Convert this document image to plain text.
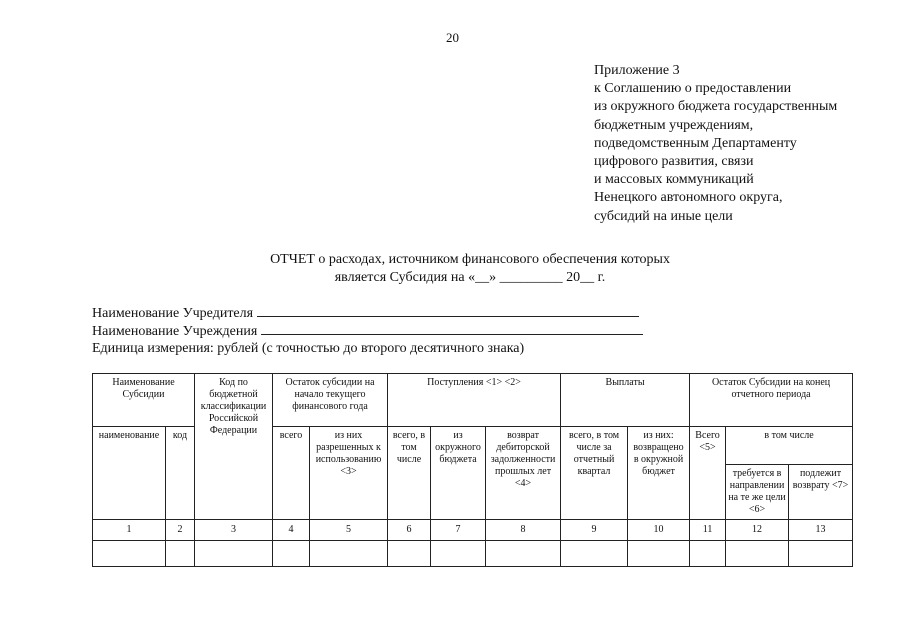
20
Приложение 3
к Соглашению о предоставлении
из окружного бюджета государственным
бюджетным учреждениям,
подведомственным Департаменту
цифрового развития, связи
и массовых коммуникаций
Ненецкого автономного округа,
субсидий на иные цели
ОТЧЕТ о расходах, источником финансового обеспечения которых
является Субсидия на «__» _________ 20__ г.
Наименование Учредителя
Наименование Учреждения
Единица измерения: рублей (с точностью до второго десятичного знака)
Наименование Субсидии		Код по бюджетной классификации Российской Федерации	Остаток субсидии на начало текущего финансового года		Поступления <1> <2>			Выплаты		Остаток Субсидии на конец отчетного периода		
наименование	код		всего	из них разрешенных к использованию <3>	всего, в том числе	из окружного бюджета	возврат дебиторской задолженности прошлых лет <4>	всего, в том числе за отчетный квартал	из них: возвращено в окружной бюджет	Всего <5>	в том числе	
											требуется в направлении на те же цели <6>	подлежит возврату <7>
1	2	3	4	5	6	7	8	9	10	11	12	13
